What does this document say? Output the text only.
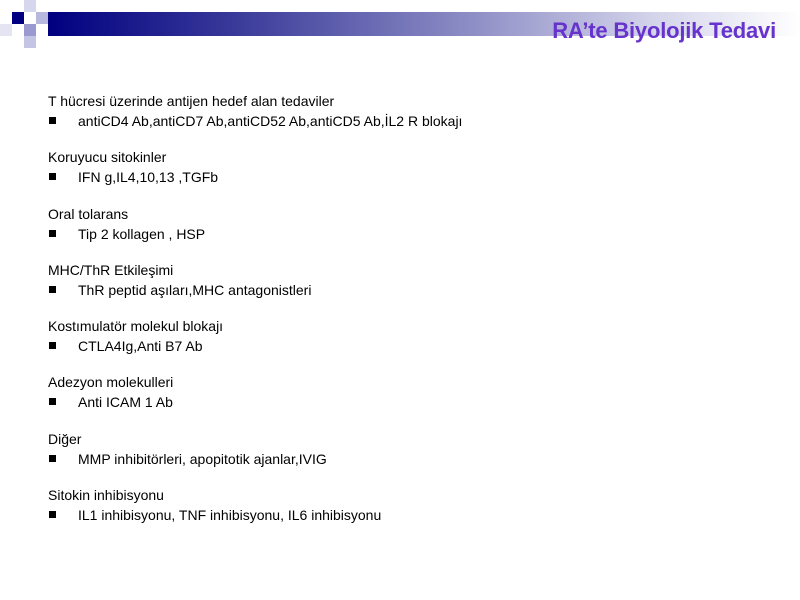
RA’te Biyolojik Tedavi
T hücresi üzerinde antijen hedef alan tedaviler
antiCD4 Ab,antiCD7 Ab,antiCD52 Ab,antiCD5 Ab,İL2 R blokajı
Koruyucu sitokinler
IFN g,IL4,10,13 ,TGFb
Oral tolarans
Tip 2 kollagen , HSP
MHC/ThR Etkileşimi
ThR peptid aşıları,MHC antagonistleri
Kostımulatör molekul blokajı
CTLA4Ig,Anti B7 Ab
Adezyon molekulleri
Anti ICAM 1 Ab
Diğer
MMP inhibitörleri, apopitotik ajanlar,IVIG
Sitokin inhibisyonu
IL1 inhibisyonu, TNF inhibisyonu, IL6 inhibisyonu
